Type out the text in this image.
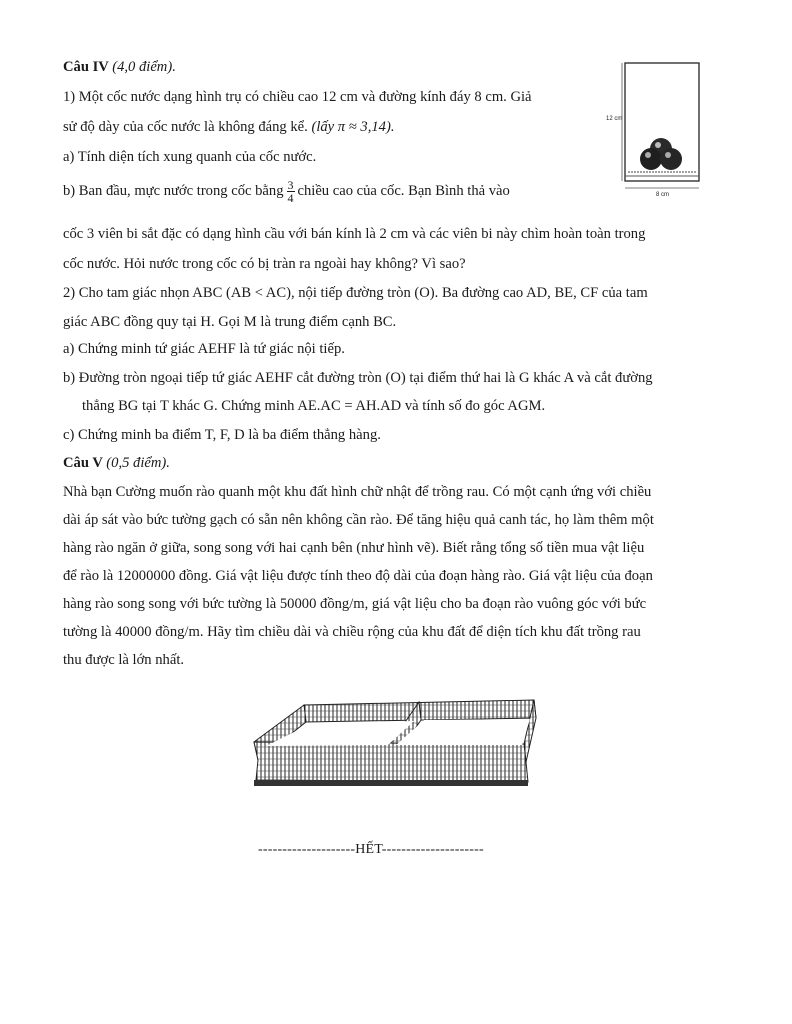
Câu IV (4,0 điểm).
1) Một cốc nước dạng hình trụ có chiều cao 12 cm và đường kính đáy 8 cm. Giả
sử độ dày của cốc nước là không đáng kể. (lấy π ≈ 3,14).
a) Tính diện tích xung quanh của cốc nước.
b) Ban đầu, mực nước trong cốc bằng $\frac{3}{4}$ chiều cao của cốc. Bạn Bình thả vào
cốc 3 viên bi sắt đặc có dạng hình cầu với bán kính là 2 cm và các viên bi này chìm hoàn toàn trong
cốc nước. Hỏi nước trong cốc có bị tràn ra ngoài hay không? Vì sao?
2) Cho tam giác nhọn ABC (AB < AC), nội tiếp đường tròn (O). Ba đường cao AD, BE, CF của tam
giác ABC đồng quy tại H. Gọi M là trung điểm cạnh BC.
a) Chứng minh tứ giác AEHF là tứ giác nội tiếp.
b) Đường tròn ngoại tiếp tứ giác AEHF cắt đường tròn (O) tại điểm thứ hai là G khác A và cắt đường
thẳng BG tại T khác G. Chứng minh AE.AC = AH.AD và tính số đo góc AGM.
c) Chứng minh ba điểm T, F, D là ba điểm thẳng hàng.
12 cm
8 cm
Câu V (0,5 điểm).
Nhà bạn Cường muốn rào quanh một khu đất hình chữ nhật để trồng rau. Có một cạnh ứng với chiều
dài áp sát vào bức tường gạch có sẵn nên không cần rào. Để tăng hiệu quả canh tác, họ làm thêm một
hàng rào ngăn ở giữa, song song với hai cạnh bên (như hình vẽ). Biết rằng tổng số tiền mua vật liệu
để rào là 12000000 đồng. Giá vật liệu được tính theo độ dài của đoạn hàng rào. Giá vật liệu của đoạn
hàng rào song song với bức tường là 50000 đồng/m, giá vật liệu cho ba đoạn rào vuông góc với bức
tường là 40000 đồng/m. Hãy tìm chiều dài và chiều rộng của khu đất để diện tích khu đất trồng rau
thu được là lớn nhất.
--------------------HẾT---------------------
